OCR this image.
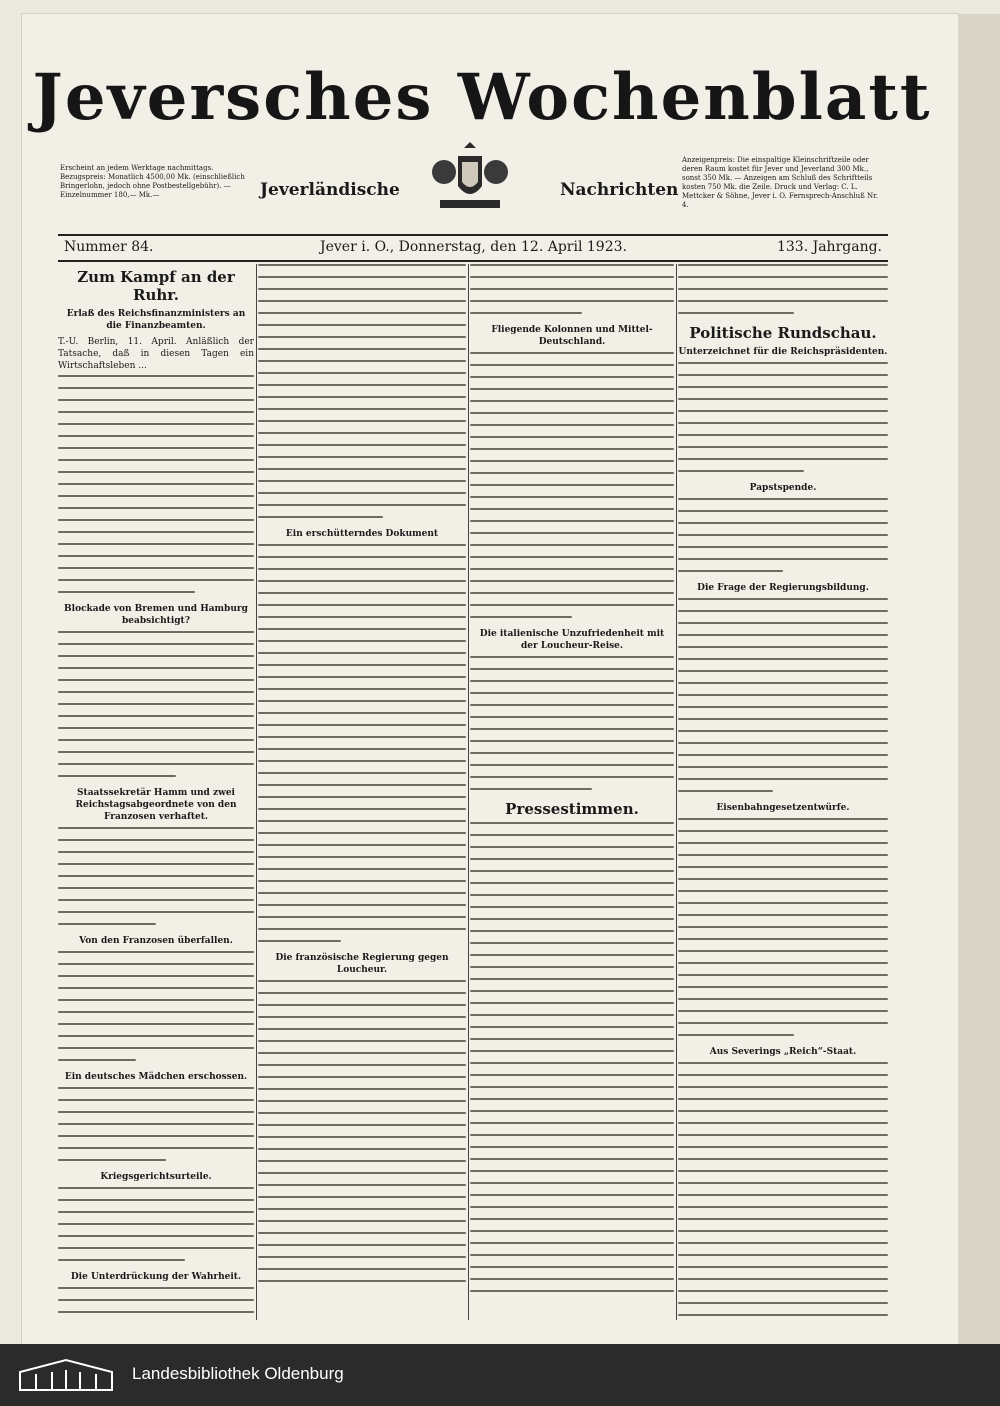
Jeversches Wochenblatt
Jeverländische	Nachrichten
Erscheint an jedem Werktage nachmittags. Bezugspreis: Monatlich 4500,00 Mk. (einschließlich Bringerlohn, jedoch ohne Postbestellgebühr). —Einzelnummer 180,— Mk.—
Anzeigenpreis: Die einspaltige Kleinschriftzeile oder deren Raum kostet für Jever und Jeverland 300 Mk., sonst 350 Mk. — Anzeigen am Schluß des Schriftteils kosten 750 Mk. die Zeile. Druck und Verlag: C. L. Mettcker & Söhne, Jever i. O. Fernsprech-Anschluß Nr. 4.
Nummer 84.	Jever i. O., Donnerstag, den 12. April 1923.	133. Jahrgang.
Zum Kampf an der Ruhr.
Erlaß des Reichsfinanzministers an die Finanzbeamten.

T.-U. Berlin, 11. April. Anläßlich der Tatsache, daß in diesen Tagen ein Wirtschaftsleben ...

Blockade von Bremen und Hamburg beabsichtigt?
Staatssekretär Hamm und zwei Reichstagsabgeordnete von den Franzosen verhaftet.
Von den Franzosen überfallen.
Ein deutsches Mädchen erschossen.
Kriegsgerichtsurteile.
Die Unterdrückung der Wahrheit.
Ein erschütterndes Dokument
Die französische Regierung gegen Loucheur.
Fliegende Kolonnen und Mittel-Deutschland.
Die italienische Unzufriedenheit mit der Loucheur-Reise.
Pressestimmen.
Politische Rundschau.
Unterzeichnet für die Reichspräsidenten.
Papstspende.
Die Frage der Regierungsbildung.
Eisenbahngesetzentwürfe.
Aus Severings „Reich“-Staat.
Landesbibliothek Oldenburg
